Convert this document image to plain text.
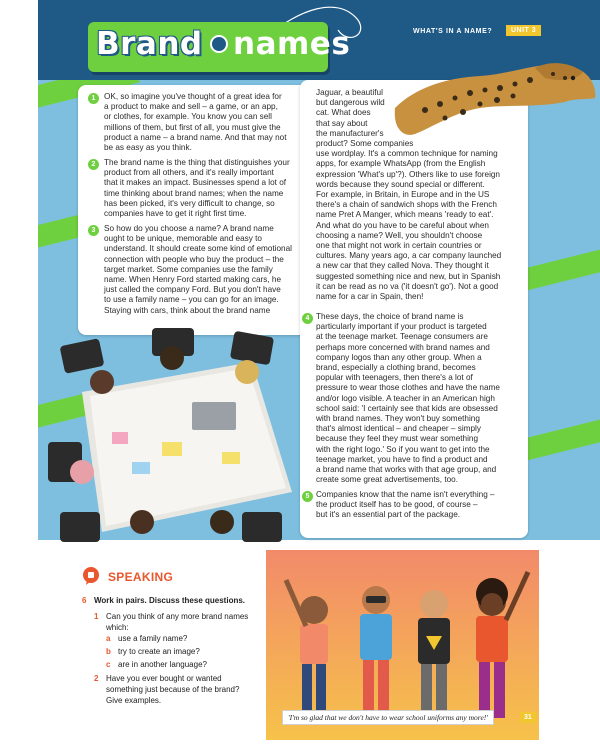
Brand names	WHAT'S IN A NAME?	UNIT 3
1	OK, so imagine you've thought of a great idea for
a product to make and sell – a game, or an app,
or clothes, for example. You know you can sell
millions of them, but first of all, you must give the
product a name – a brand name. And that may not
be as easy as you think.
2	The brand name is the thing that distinguishes your
product from all others, and it's really important
that it makes an impact. Businesses spend a lot of
time thinking about brand names; when the name
has been picked, it's very difficult to change, so
companies have to get it right first time.
3	So how do you choose a name? A brand name
ought to be unique, memorable and easy to
understand. It should create some kind of emotional
connection with people who buy the product – the
target market. Some companies use the family
name. When Henry Ford started making cars, he
just called the company Ford. But you don't have
to use a family name – you can go for an image.
Staying with cars, think about the brand name
Jaguar, a beautiful
but dangerous wild
cat. What does
that say about
the manufacturer's
product? Some companies
use wordplay. It's a common technique for naming
apps, for example WhatsApp (from the English
expression 'What's up'?). Others like to use foreign
words because they sound special or different.
For example, in Britain, in Europe and in the US
there's a chain of sandwich shops with the French
name Pret A Manger, which means 'ready to eat'.
And what do you have to be careful about when
choosing a name? Well, you shouldn't choose
one that might not work in certain countries or
cultures. Many years ago, a car company launched
a new car that they called Nova. They thought it
suggested something nice and new, but in Spanish
it can be read as no va ('it doesn't go'). Not a good
name for a car in Spain, then!
4 These days, the choice of brand name is
particularly important if your product is targeted
at the teenage market. Teenage consumers are
perhaps more concerned with brand names and
company logos than any other group. When a
brand, especially a clothing brand, becomes
popular with teenagers, then there's a lot of
pressure to wear those clothes and have the name
and/or logo visible. A teacher in an American high
school said: 'I certainly see that kids are obsessed
with brand names. They won't buy something
that's almost identical – and cheaper – simply
because they feel they must wear something
with the right logo.' So if you want to get into the
teenage market, you have to find a product and
a brand name that works with that age group, and
create some great advertisements, too.
5 Companies know that the name isn't everything –
the product itself has to be good, of course –
but it's an essential part of the package.
SPEAKING
6 Work in pairs. Discuss these questions.
1 Can you think of any more brand names
which:
a use a family name?
b try to create an image?
c are in another language?
2 Have you ever bought or wanted
something just because of the brand?
Give examples.
'I'm so glad that we don't have to wear school uniforms any more!'	31
